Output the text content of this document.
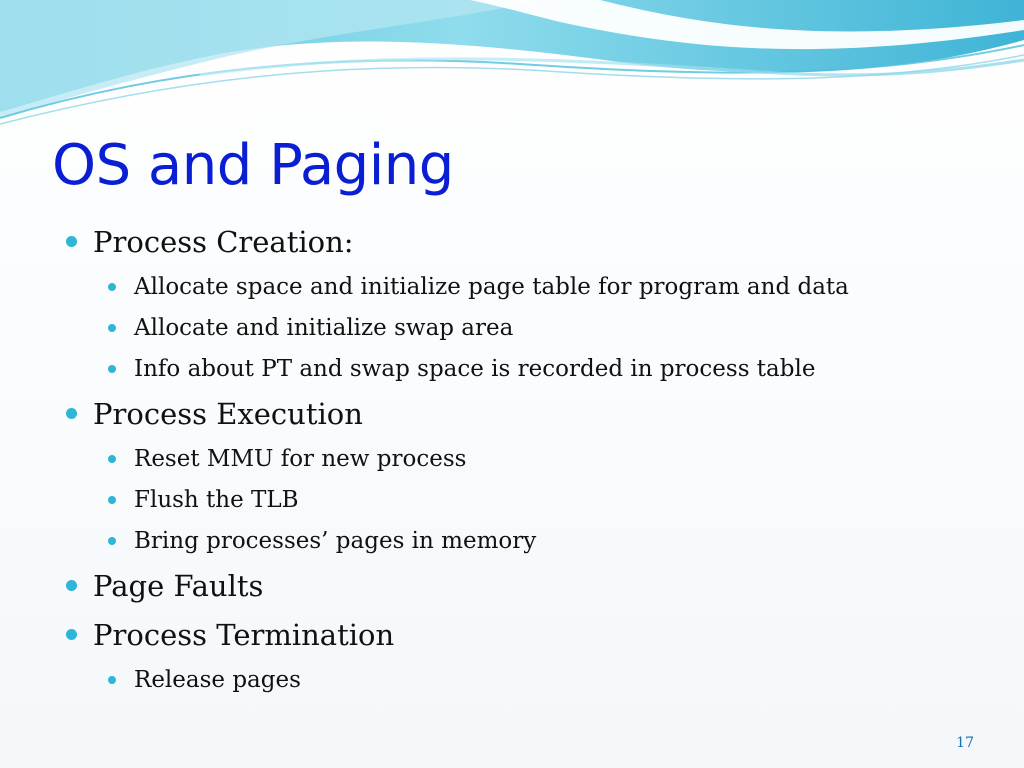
OS and Paging
Process Creation:
Allocate space and initialize page table for program and data
Allocate and initialize swap area
Info about PT and swap space is recorded in process table
Process Execution
Reset MMU for new process
Flush the TLB
Bring processes’ pages in memory
Page Faults
Process Termination
Release pages
17
